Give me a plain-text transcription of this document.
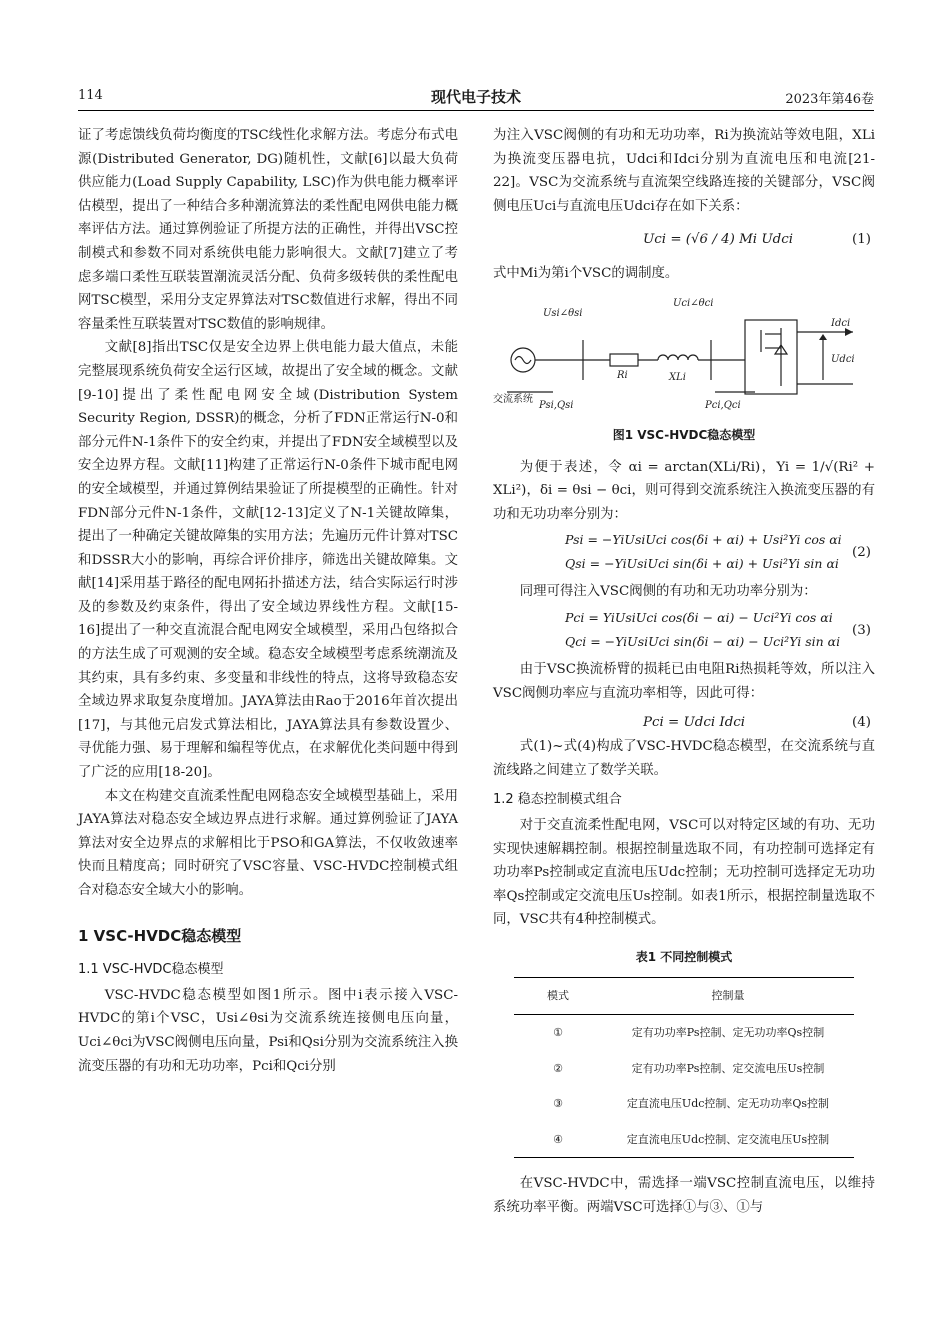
114	现代电子技术	2023年第46卷

证了考虑馈线负荷均衡度的TSC线性化求解方法。考虑分布式电源(Distributed Generator, DG)随机性，文献[6]以最大负荷供应能力(Load Supply Capability, LSC)作为供电能力概率评估模型，提出了一种结合多种潮流算法的柔性配电网供电能力概率评估方法。通过算例验证了所提方法的正确性，并得出VSC控制模式和参数不同对系统供电能力影响很大。文献[7]建立了考虑多端口柔性互联装置潮流灵活分配、负荷多级转供的柔性配电网TSC模型，采用分支定界算法对TSC数值进行求解，得出不同容量柔性互联装置对TSC数值的影响规律。

文献[8]指出TSC仅是安全边界上供电能力最大值点，未能完整展现系统负荷安全运行区域，故提出了安全域的概念。文献[9-10]提出了柔性配电网安全域(Distribution System Security Region, DSSR)的概念，分析了FDN正常运行N-0和部分元件N-1条件下的安全约束，并提出了FDN安全域模型以及安全边界方程。文献[11]构建了正常运行N-0条件下城市配电网的安全域模型，并通过算例结果验证了所提模型的正确性。针对FDN部分元件N-1条件，文献[12-13]定义了N-1关键故障集，提出了一种确定关键故障集的实用方法；先遍历元件计算对TSC和DSSR大小的影响，再综合评价排序，筛选出关键故障集。文献[14]采用基于路径的配电网拓扑描述方法，结合实际运行时涉及的参数及约束条件，得出了安全域边界线性方程。文献[15-16]提出了一种交直流混合配电网安全域模型，采用凸包络拟合的方法生成了可观测的安全域。稳态安全域模型考虑系统潮流及其约束，具有多约束、多变量和非线性的特点，这将导致稳态安全域边界求取复杂度增加。JAYA算法由Rao于2016年首次提出[17]，与其他元启发式算法相比，JAYA算法具有参数设置少、寻优能力强、易于理解和编程等优点，在求解优化类问题中得到了广泛的应用[18-20]。

本文在构建交直流柔性配电网稳态安全域模型基础上，采用JAYA算法对稳态安全域边界点进行求解。通过算例验证了JAYA算法对安全边界点的求解相比于PSO和GA算法，不仅收敛速率快而且精度高；同时研究了VSC容量、VSC-HVDC控制模式组合对稳态安全域大小的影响。

1 VSC-HVDC稳态模型
1.1 VSC-HVDC稳态模型

VSC-HVDC稳态模型如图1所示。图中i表示接入VSC-HVDC的第i个VSC，Usi∠θsi为交流系统连接侧电压向量，Uci∠θci为VSC阀侧电压向量，Psi和Qsi分别为交流系统注入换流变压器的有功和无功功率，Pci和Qci分别

为注入VSC阀侧的有功和无功功率，Ri为换流站等效电阻，XLi为换流变压器电抗，Udci和Idci分别为直流电压和电流[21-22]。VSC为交流系统与直流架空线路连接的关键部分，VSC阀侧电压Uci与直流电压Udci存在如下关系：

Uci = (√6 / 4) Mi Udci	(1)

式中Mi为第i个VSC的调制度。

Usi∠θsi
Uci∠θci
Ri	XLi
Psi,Qsi	Pci,Qci
Idci
Udci
交流系统
图1 VSC-HVDC稳态模型

为便于表述，令 αi = arctan(XLi/Ri)，Yi = 1/√(Ri² + XLi²)，δi = θsi − θci，则可得到交流系统注入换流变压器的有功和无功功率分别为：

Psi = −YiUsiUci cos(δi + αi) + Usi²Yi cos αi
Qsi = −YiUsiUci sin(δi + αi) + Usi²Yi sin αi
(2)

同理可得注入VSC阀侧的有功和无功功率分别为：

Pci = YiUsiUci cos(δi − αi) − Uci²Yi cos αi
Qci = −YiUsiUci sin(δi − αi) − Uci²Yi sin αi
(3)

由于VSC换流桥臂的损耗已由电阻Ri热损耗等效，所以注入VSC阀侧功率应与直流功率相等，因此可得：

Pci = Udci Idci	(4)

式(1)~式(4)构成了VSC-HVDC稳态模型，在交流系统与直流线路之间建立了数学关联。

1.2 稳态控制模式组合

对于交直流柔性配电网，VSC可以对特定区域的有功、无功实现快速解耦控制。根据控制量选取不同，有功控制可选择定有功功率Ps控制或定直流电压Udc控制；无功控制可选择定无功功率Qs控制或定交流电压Us控制。如表1所示，根据控制量选取不同，VSC共有4种控制模式。

表1 不同控制模式
模式	控制量
①	定有功功率Ps控制、定无功功率Qs控制
②	定有功功率Ps控制、定交流电压Us控制
③	定直流电压Udc控制、定无功功率Qs控制
④	定直流电压Udc控制、定交流电压Us控制

在VSC-HVDC中，需选择一端VSC控制直流电压，以维持系统功率平衡。两端VSC可选择①与③、①与
